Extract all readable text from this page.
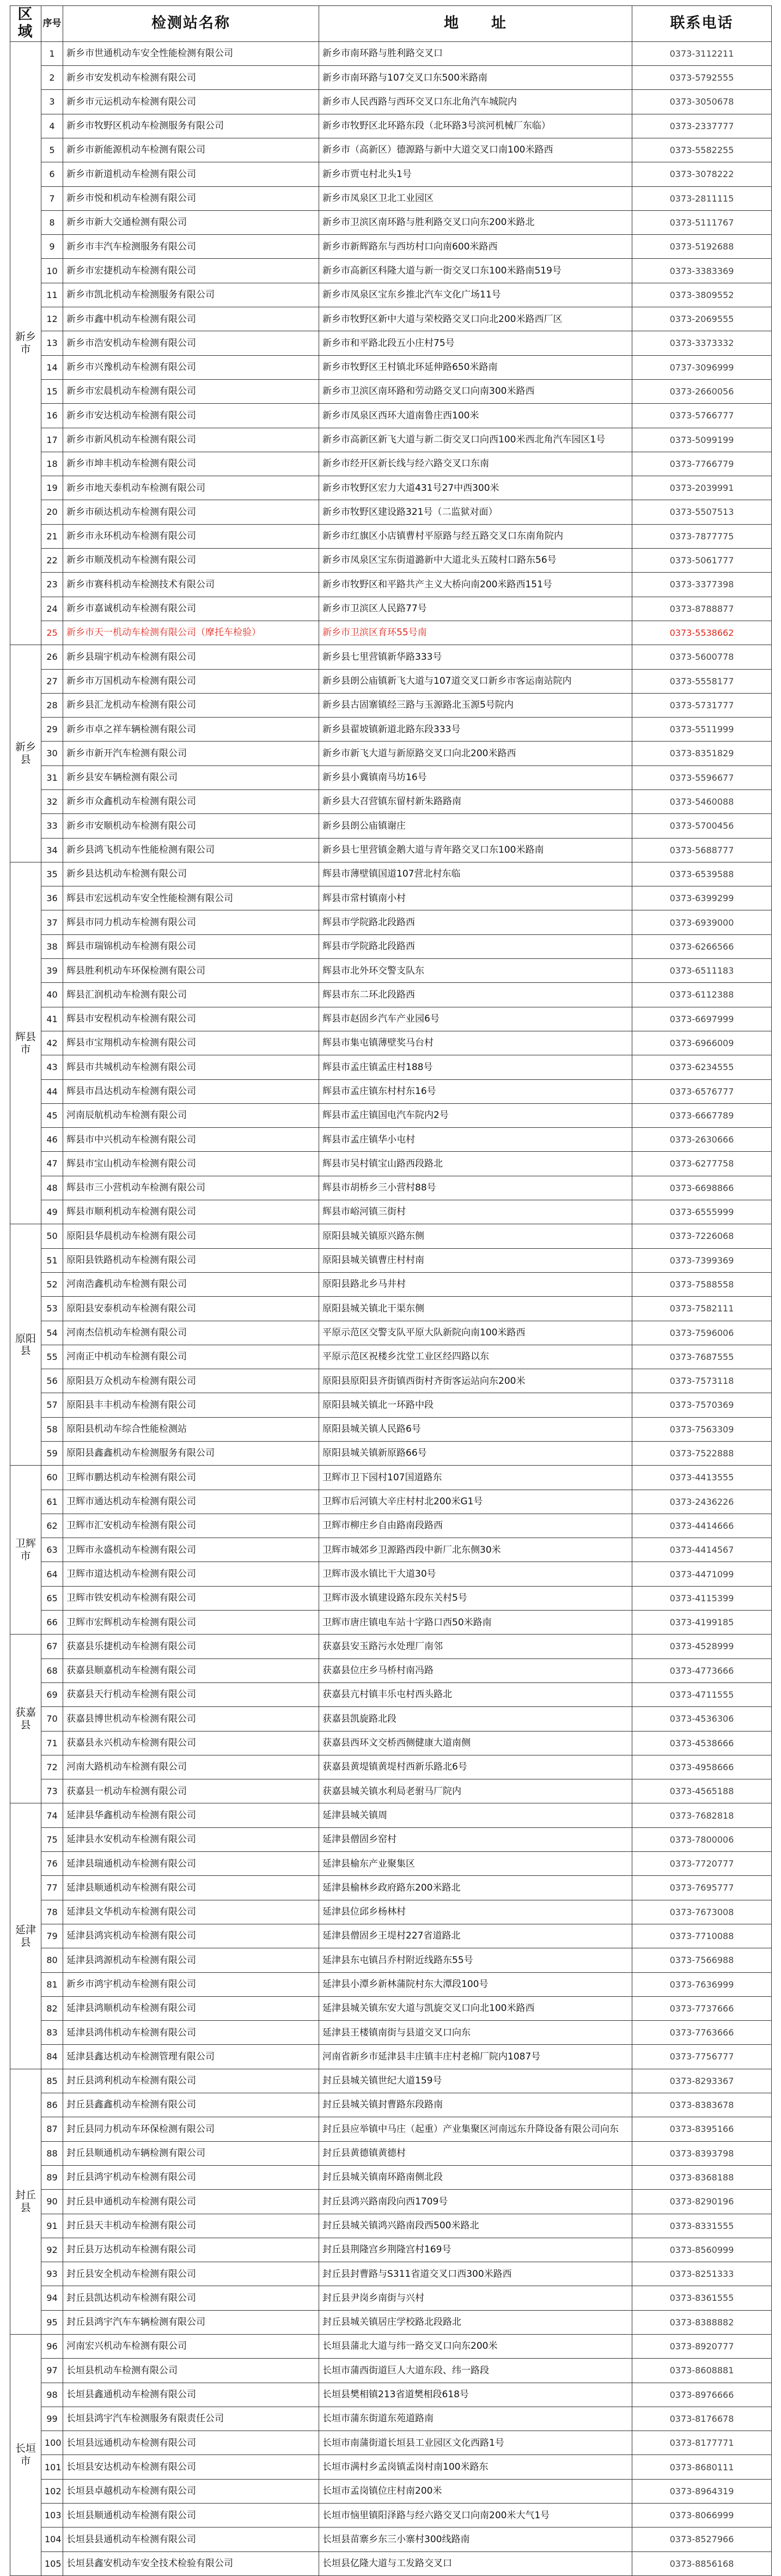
区域	序号	检测站名称	地　　址	联系电话
新乡市	1	新乡市世通机动车安全性能检测有限公司	新乡市南环路与胜利路交叉口	0373-3112211
	2	新乡市安发机动车检测有限公司	新乡市南环路与107交叉口东500米路南	0373-5792555
	3	新乡市元运机动车检测有限公司	新乡市人民西路与西环交叉口东北角汽车城院内	0373-3050678
	4	新乡市牧野区机动车检测服务有限公司	新乡市牧野区北环路东段（北环路3号滨河机械厂东临）	0373-2337777
	5	新乡市新能源机动车检测有限公司	新乡市（高新区）德源路与新中大道交叉口南100米路西	0373-5582255
	6	新乡市新道机动车检测有限公司	新乡市贾屯村北头1号	0373-3078222
	7	新乡市悦和机动车检测有限公司	新乡市凤泉区卫北工业园区	0373-2811115
	8	新乡市新大交通检测有限公司	新乡市卫滨区南环路与胜利路交叉口向东200米路北	0373-5111767
	9	新乡市丰汽车检测服务有限公司	新乡市新辉路东与西坊村口向南600米路西	0373-5192688
	10	新乡市宏捷机动车检测有限公司	新乡市高新区科隆大道与新一街交叉口东100米路南519号	0373-3383369
	11	新乡市凯北机动车检测服务有限公司	新乡市凤泉区宝东乡推北汽车文化广场11号	0373-3809552
	12	新乡市鑫中机动车检测有限公司	新乡市牧野区新中大道与荣校路交叉口向北200米路西厂区	0373-2069555
	13	新乡市浩安机动车检测有限公司	新乡市和平路北段五小庄村75号	0373-3373332
	14	新乡市兴豫机动车检测有限公司	新乡市牧野区王村镇北环延伸路650米路南	0737-3096999
	15	新乡市宏晨机动车检测有限公司	新乡市卫滨区南环路和劳动路交叉口向南300米路西	0373-2660056
	16	新乡市安达机动车检测有限公司	新乡市凤泉区西环大道南鲁庄西100米	0373-5766777
	17	新乡市新风机动车检测有限公司	新乡市高新区新飞大道与新二街交叉口向西100米西北角汽车园区1号	0373-5099199
	18	新乡市坤丰机动车检测有限公司	新乡市经开区新长线与经六路交叉口东南	0373-7766779
	19	新乡市地天泰机动车检测有限公司	新乡市牧野区宏力大道431号27中西300米	0373-2039991
	20	新乡市硕达机动车检测有限公司	新乡市牧野区建设路321号（二监狱对面）	0373-5507513
	21	新乡市永环机动车检测有限公司	新乡市红旗区小店镇曹村平原路与经五路交叉口东南角院内	0373-7877775
	22	新乡市顺茂机动车检测有限公司	新乡市凤泉区宝东街道潞新中大道北头五陵村口路东56号	0373-5061777
	23	新乡市赛科机动车检测技术有限公司	新乡市牧野区和平路共产主义大桥向南200米路西151号	0373-3377398
	24	新乡市嘉诚机动车检测有限公司	新乡市卫滨区人民路77号	0373-8788877
	25	新乡市天一机动车检测有限公司（摩托车检验）	新乡市卫滨区育环55号南	0373-5538662
新乡县	26	新乡县瑞宇机动车检测有限公司	新乡县七里营镇新华路333号	0373-5600778
	27	新乡市万国机动车检测有限公司	新乡县朗公庙镇新飞大道与107道交叉口新乡市客运南站院内	0373-5558177
	28	新乡县汇龙机动车检测有限公司	新乡县古固寨镇经三路与玉源路北玉源5号院内	0373-5731777
	29	新乡市卓之祥车辆检测有限公司	新乡县翟坡镇新道北路东段333号	0373-5511999
	30	新乡市新开汽车检测有限公司	新乡市新飞大道与新原路交叉口向北200米路西	0373-8351829
	31	新乡县安车辆检测有限公司	新乡县小冀镇南马坊16号	0373-5596677
	32	新乡市众鑫机动车检测有限公司	新乡县大召营镇东留村新朱路路南	0373-5460088
	33	新乡市安顺机动车检测有限公司	新乡县朗公庙镇谢庄	0373-5700456
	34	新乡县鸿飞机动车性能检测有限公司	新乡县七里营镇金鹅大道与青年路交叉口东100米路南	0373-5688777
辉县市	35	新乡县达机动车检测有限公司	辉县市薄壁镇国道107营北村东临	0373-6539588
	36	辉县市宏远机动车安全性能检测有限公司	辉县市常村镇南小村	0373-6399299
	37	辉县市同力机动车检测有限公司	辉县市学院路北段路西	0373-6939000
	38	辉县市瑞锦机动车检测有限公司	辉县市学院路北段路西	0373-6266566
	39	辉县胜利机动车环保检测有限公司	辉县市北外环交警支队东	0373-6511183
	40	辉县汇润机动车检测有限公司	辉县市东二环北段路西	0373-6112388
	41	辉县市安程机动车检测有限公司	辉县市赵固乡汽车产业园6号	0373-6697999
	42	辉县市宝翔机动车检测有限公司	辉县市集屯镇薄壁奖马台村	0373-6966009
	43	辉县市共城机动车检测有限公司	辉县市孟庄镇孟庄村188号	0373-6234555
	44	辉县市昌达机动车检测有限公司	辉县市孟庄镇东村村东16号	0373-6576777
	45	河南辰航机动车检测有限公司	辉县市孟庄镇国电汽车院内2号	0373-6667789
	46	辉县市中兴机动车检测有限公司	辉县市孟庄镇华小屯村	0373-2630666
	47	辉县市宝山机动车检测有限公司	辉县市吴村镇宝山路西段路北	0373-6277758
	48	辉县市三小营机动车检测有限公司	辉县市胡桥乡三小营村88号	0373-6698866
	49	辉县市顺利机动车检测有限公司	辉县市峪河镇三街村	0373-6555999
原阳县	50	原阳县华晨机动车检测有限公司	原阳县城关镇原兴路东侧	0373-7226068
	51	原阳县铁路机动车检测有限公司	原阳县城关镇曹庄村村南	0373-7399369
	52	河南浩鑫机动车检测有限公司	原阳县路北乡马井村	0373-7588558
	53	原阳县安泰机动车检测有限公司	原阳县城关镇北干渠东侧	0373-7582111
	54	河南杰信机动车检测有限公司	平原示范区交警支队平原大队新院向南100米路西	0373-7596006
	55	河南正中机动车检测有限公司	平原示范区祝楼乡沈堂工业区经四路以东	0373-7687555
	56	原阳县万众机动车检测有限公司	原阳县原阳县齐街镇西街村齐街客运站向东200米	0373-7573118
	57	原阳县丰丰机动车检测有限公司	原阳县城关镇北一环路中段	0373-7570369
	58	原阳县机动车综合性能检测站	原阳县城关镇人民路6号	0373-7563309
	59	原阳县鑫鑫机动车检测服务有限公司	原阳县城关镇新原路66号	0373-7522888
卫辉市	60	卫辉市鹏达机动车检测有限公司	卫辉市卫下园村107国道路东	0373-4413555
	61	卫辉市通达机动车检测有限公司	卫辉市后河镇大辛庄村村北200米G1号	0373-2436226
	62	卫辉市汇安机动车检测有限公司	卫辉市柳庄乡自由路南段路西	0373-4414666
	63	卫辉市永盛机动车检测有限公司	卫辉市城郊乡卫源路西段中新厂北东侧30米	0373-4414567
	64	卫辉市道达机动车检测有限公司	卫辉市汲水镇比干大道30号	0373-4471099
	65	卫辉市铁安机动车检测有限公司	卫辉市汲水镇建设路东段东关村5号	0373-4115399
	66	卫辉市宏辉机动车检测有限公司	卫辉市唐庄镇电车站十字路口西50米路南	0373-4199185
获嘉县	67	获嘉县乐捷机动车检测有限公司	获嘉县安玉路污水处理厂南邻	0373-4528999
	68	获嘉县顺嘉机动车检测有限公司	获嘉县位庄乡马桥村南冯路	0373-4773666
	69	获嘉县天行机动车检测有限公司	获嘉县亢村镇丰乐屯村西头路北	0373-4711555
	70	获嘉县博世机动车检测有限公司	获嘉县凯旋路北段	0373-4536306
	71	获嘉县永兴机动车检测有限公司	获嘉县西环文交桥西侧健康大道南侧	0373-4538666
	72	河南大路机动车检测有限公司	获嘉县黄堤镇黄堤村西新乐路北6号	0373-4958666
	73	获嘉县一机动车检测有限公司	获嘉县城关镇水利局老驸马厂院内	0373-4565188
延津县	74	延津县华鑫机动车检测有限公司	延津县城关镇周	0373-7682818
	75	延津县水安机动车检测有限公司	延津县僧固乡窑村	0373-7800006
	76	延津县瑞通机动车检测有限公司	延津县榆东产业聚集区	0373-7720777
	77	延津县顺通机动车检测有限公司	延津县榆林乡政府路东200米路北	0373-7695777
	78	延津县文华机动车检测有限公司	延津县位邱乡杨林村	0373-7673008
	79	延津县鸿宾机动车检测有限公司	延津县僧固乡王堤村227省道路北	0373-7710088
	80	延津县鸿源机动车检测有限公司	延津县东屯镇吕乔村附近线路东55号	0373-7566988
	81	新乡市鸿宇机动车检测有限公司	延津县小潭乡新林蒲院村东大潭段100号	0373-7636999
	82	延津县鸿顺机动车检测有限公司	延津县城关镇东安大道与凯旋交叉口向北100米路西	0373-7737666
	83	延津县鸿伟机动车检测有限公司	延津县王楼镇南街与县道交叉口向东	0373-7763666
	84	延津县鑫达机动车检测管理有限公司	河南省新乡市延津县丰庄镇丰庄村老棉厂院内1087号	0373-7756777
封丘县	85	封丘县鸿利机动车检测有限公司	封丘县城关镇世纪大道159号	0373-8293367
	86	封丘县鑫鑫机动车检测有限公司	封丘县城关镇封曹路东段路南	0373-8383678
	87	封丘县同力机动车环保检测有限公司	封丘县应举镇中马庄（起重）产业集聚区河南远东升降设备有限公司向东	0373-8395166
	88	封丘县顺通机动车辆检测有限公司	封丘县黄德镇黄德村	0373-8393798
	89	封丘县鸿宇机动车检测有限公司	封丘县城关镇南环路南侧北段	0373-8368188
	90	封丘县申通机动车检测有限公司	封丘县鸿兴路南段向西1709号	0373-8290196
	91	封丘县天丰机动车检测有限公司	封丘县城关镇鸿兴路南段西500米路北	0373-8331555
	92	封丘县万达机动车检测有限公司	封丘县荆隆宫乡荆隆宫村169号	0373-8560999
	93	封丘县安全机动车检测有限公司	封丘县封曹路与S311省道交叉口西300米路西	0373-8251333
	94	封丘县凯达机动车检测有限公司	封丘县尹岗乡南街与兴村	0373-8361555
	95	封丘县鸿宇汽车车辆检测有限公司	封丘县城关镇居庄学校路北段路北	0373-8388882
长垣市	96	河南宏兴机动车检测有限公司	长垣县蒲北大道与纬一路交叉口向东200米	0373-8920777
	97	长垣县机动车检测有限公司	长垣市蒲西街道巨人大道东段、纬一路段	0373-8608881
	98	长垣县鑫通机动车检测有限公司	长垣县樊相镇213省道樊相段618号	0373-8976666
	99	长垣县鸿宇汽车检测服务有限责任公司	长垣市蒲东街道东苑道路南	0373-8176678
	100	长垣县远通机动车检测有限公司	长垣市南蒲街道长垣县工业园区文化西路1号	0373-8177771
	101	长垣县安达机动车检测有限公司	长垣市满村乡孟岗镇孟岗村南100米路东	0373-8680111
	102	长垣县卓越机动车检测有限公司	长垣市孟岗镇位庄村南200米	0373-8964319
	103	长垣县顺通机动车检测有限公司	长垣市恼里镇阳泽路与经六路交叉口向南200米大气1号	0373-8066999
	104	长垣县县通机动车检测有限公司	长垣县苗寨乡东三小寨村300线路南	0373-8527966
	105	长垣县鑫安机动车安全技术检验有限公司	长垣县亿隆大道与工发路交叉口	0373-8856168
